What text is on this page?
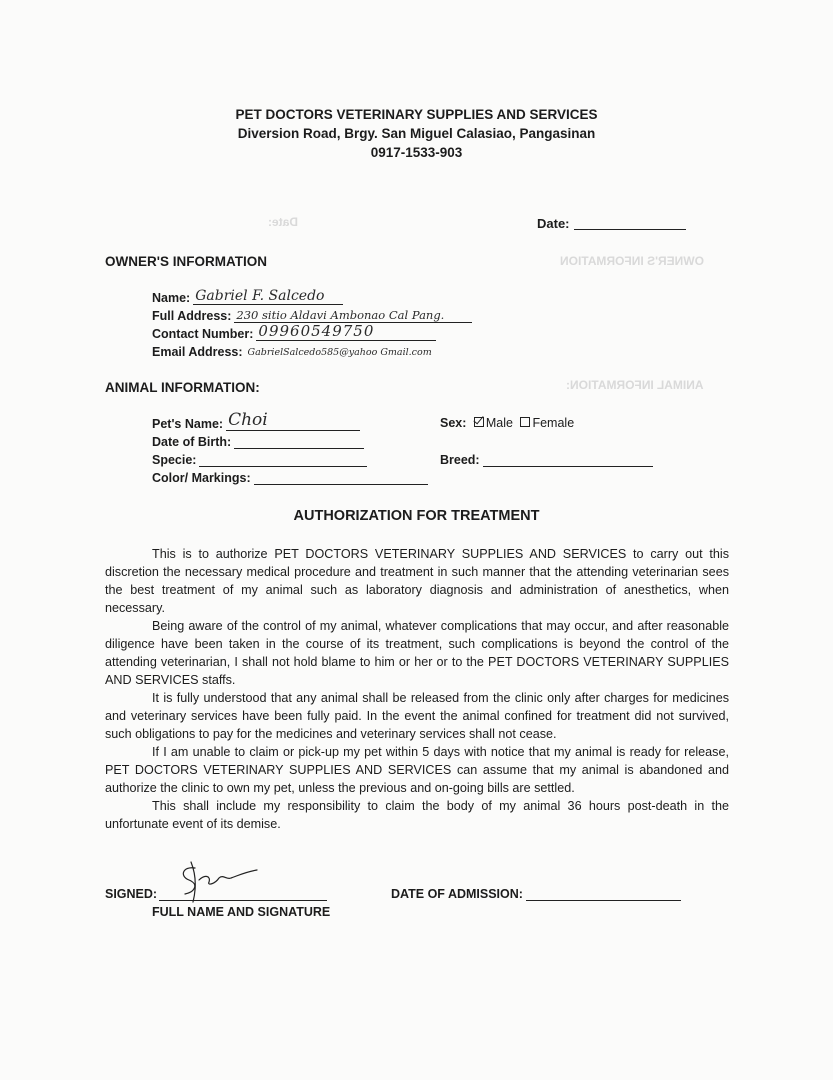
OWNER'S INFORMATION
ANIMAL INFORMATION:
Date:
PET DOCTORS VETERINARY SUPPLIES AND SERVICES
Diversion Road, Brgy. San Miguel Calasiao, Pangasinan
0917-1533-903
Date:
OWNER'S INFORMATION
Name: Gabriel F. Salcedo
Full Address: 230 sitio Aldavi Ambonao Cal Pang.
Contact Number: 09960549750
Email Address: GabrielSalcedo585@yahoo Gmail.com
ANIMAL INFORMATION:
Pet's Name: Choi	Sex: Male Female
Date of Birth:
Specie:	Breed:
Color/ Markings:
AUTHORIZATION FOR TREATMENT

This is to authorize PET DOCTORS VETERINARY SUPPLIES AND SERVICES to carry out this discretion the necessary medical procedure and treatment in such manner that the attending veterinarian sees the best treatment of my animal such as laboratory diagnosis and administration of anesthetics, when necessary.

Being aware of the control of my animal, whatever complications that may occur, and after reasonable diligence have been taken in the course of its treatment, such complications is beyond the control of the attending veterinarian, I shall not hold blame to him or her or to the PET DOCTORS VETERINARY SUPPLIES AND SERVICES staffs.

It is fully understood that any animal shall be released from the clinic only after charges for medicines and veterinary services have been fully paid. In the event the animal confined for treatment did not survived, such obligations to pay for the medicines and veterinary services shall not cease.

If I am unable to claim or pick-up my pet within 5 days with notice that my animal is ready for release, PET DOCTORS VETERINARY SUPPLIES AND SERVICES can assume that my animal is abandoned and authorize the clinic to own my pet, unless the previous and on-going bills are settled.

This shall include my responsibility to claim the body of my animal 36 hours post-death in the unfortunate event of its demise.

SIGNED:
FULL NAME AND SIGNATURE
DATE OF ADMISSION:
